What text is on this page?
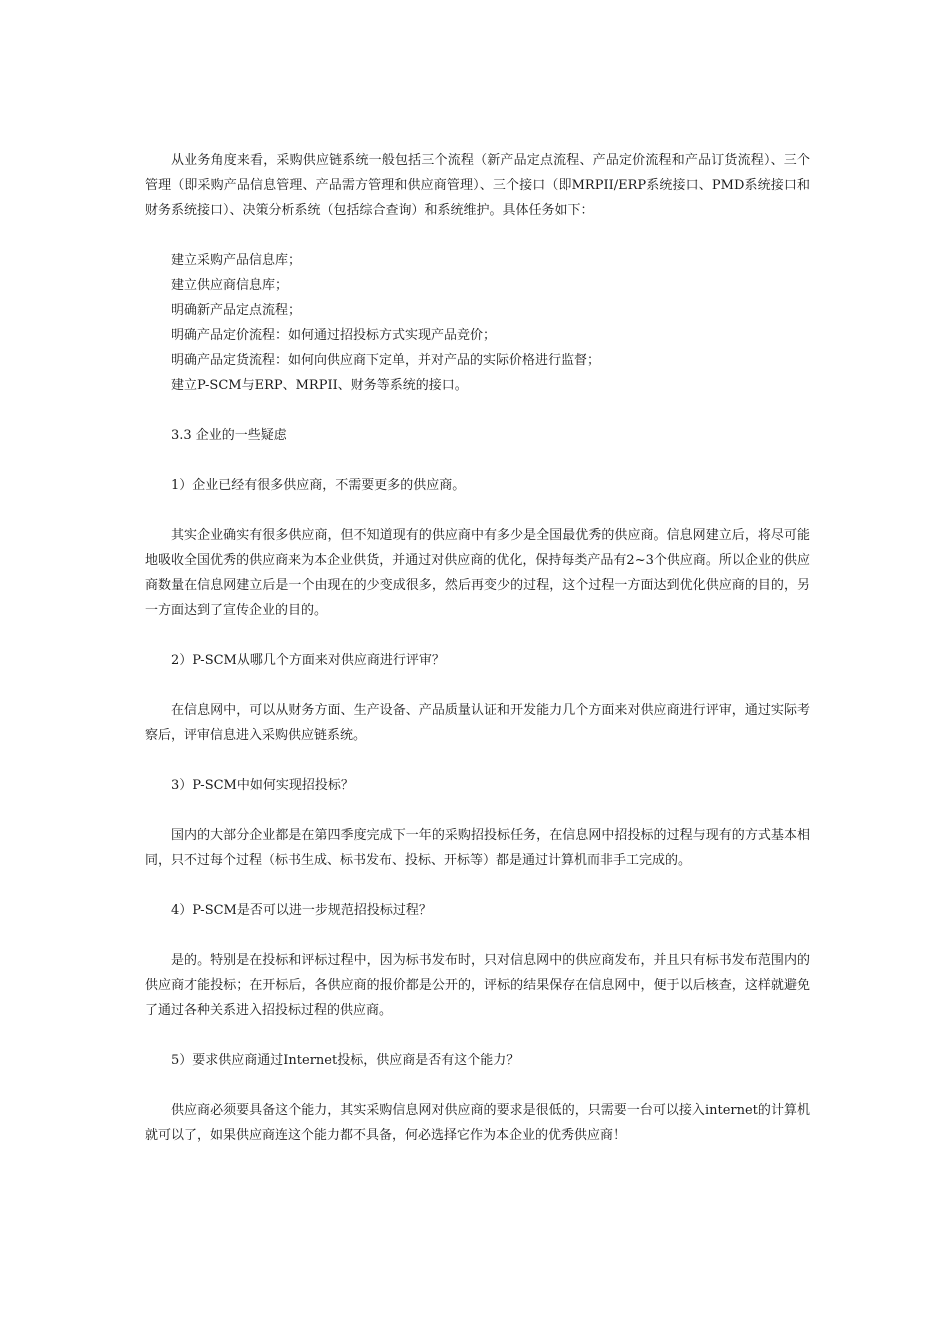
从业务角度来看，采购供应链系统一般包括三个流程（新产品定点流程、产品定价流程和产品订货流程）、三个管理（即采购产品信息管理、产品需方管理和供应商管理）、三个接口（即MRPII/ERP系统接口、PMD系统接口和财务系统接口）、决策分析系统（包括综合查询）和系统维护。具体任务如下：

建立采购产品信息库；

建立供应商信息库；

明确新产品定点流程；

明确产品定价流程：如何通过招投标方式实现产品竞价；

明确产品定货流程：如何向供应商下定单，并对产品的实际价格进行监督；

建立P-SCM与ERP、MRPII、财务等系统的接口。

3.3 企业的一些疑虑

1）企业已经有很多供应商，不需要更多的供应商。

其实企业确实有很多供应商，但不知道现有的供应商中有多少是全国最优秀的供应商。信息网建立后，将尽可能地吸收全国优秀的供应商来为本企业供货，并通过对供应商的优化，保持每类产品有2~3个供应商。所以企业的供应商数量在信息网建立后是一个由现在的少变成很多，然后再变少的过程，这个过程一方面达到优化供应商的目的，另一方面达到了宣传企业的目的。

2）P-SCM从哪几个方面来对供应商进行评审？

在信息网中，可以从财务方面、生产设备、产品质量认证和开发能力几个方面来对供应商进行评审，通过实际考察后，评审信息进入采购供应链系统。

3）P-SCM中如何实现招投标？

国内的大部分企业都是在第四季度完成下一年的采购招投标任务，在信息网中招投标的过程与现有的方式基本相同，只不过每个过程（标书生成、标书发布、投标、开标等）都是通过计算机而非手工完成的。

4）P-SCM是否可以进一步规范招投标过程？

是的。特别是在投标和评标过程中，因为标书发布时，只对信息网中的供应商发布，并且只有标书发布范围内的供应商才能投标；在开标后，各供应商的报价都是公开的，评标的结果保存在信息网中，便于以后核查，这样就避免了通过各种关系进入招投标过程的供应商。

5）要求供应商通过Internet投标，供应商是否有这个能力？

供应商必须要具备这个能力，其实采购信息网对供应商的要求是很低的，只需要一台可以接入internet的计算机就可以了，如果供应商连这个能力都不具备，何必选择它作为本企业的优秀供应商！
